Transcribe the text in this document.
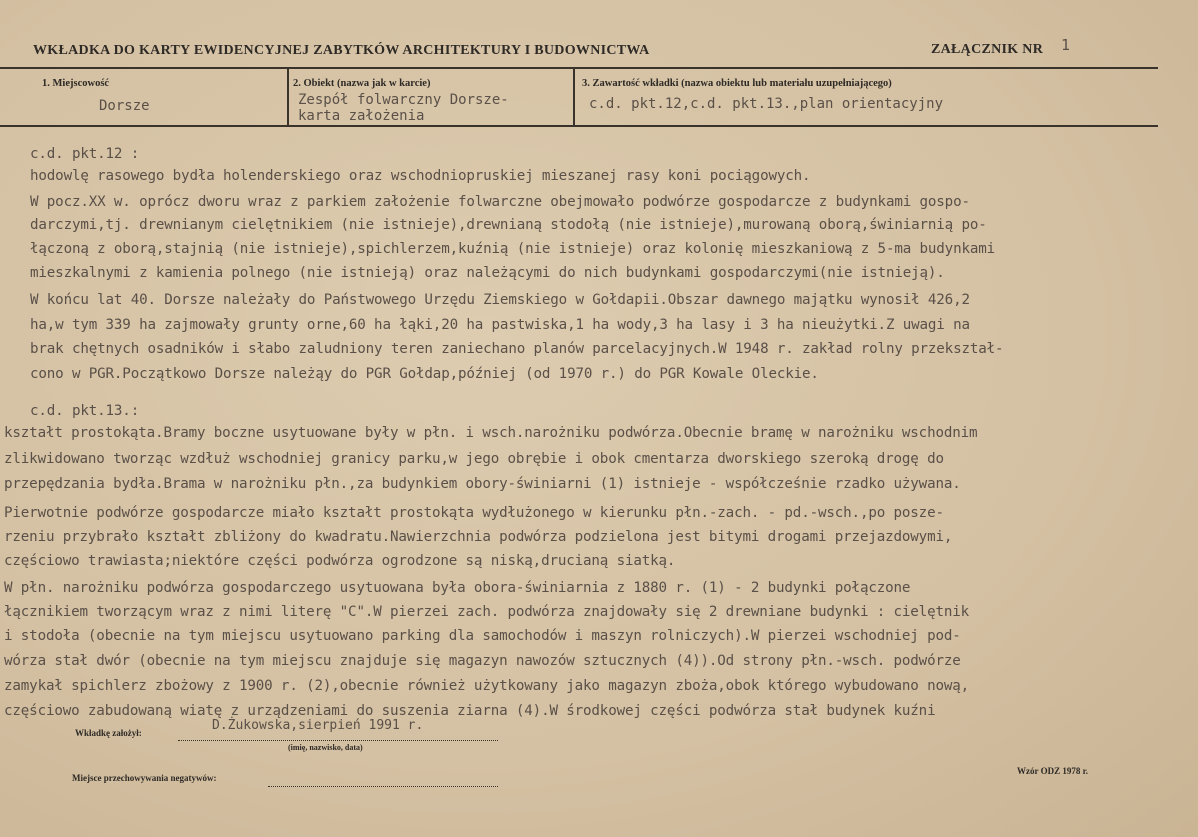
WKŁADKA DO KARTY EWIDENCYJNEJ ZABYTKÓW ARCHITEKTURY I BUDOWNICTWA	ZAŁĄCZNIK NR 1
1. Miejscowość
Dorsze
2. Obiekt (nazwa jak w karcie)
Zespół folwarczny Dorsze-
karta założenia
3. Zawartość wkładki (nazwa obiektu lub materiału uzupełniającego)
c.d. pkt.12,c.d. pkt.13.,plan orientacyjny
c.d. pkt.12 :
hodowlę rasowego bydła holenderskiego oraz wschodniopruskiej mieszanej rasy koni pociągowych.
W pocz.XX w. oprócz dworu wraz z parkiem założenie folwarczne obejmowało podwórze gospodarcze z budynkami gospo-
darczymi,tj. drewnianym cielętnikiem (nie istnieje),drewnianą stodołą (nie istnieje),murowaną oborą,świniarnią po-
łączoną z oborą,stajnią (nie istnieje),spichlerzem,kuźnią (nie istnieje) oraz kolonię mieszkaniową z 5-ma budynkami
mieszkalnymi z kamienia polnego (nie istnieją) oraz należącymi do nich budynkami gospodarczymi(nie istnieją).
W końcu lat 40. Dorsze należały do Państwowego Urzędu Ziemskiego w Gołdapii.Obszar dawnego majątku wynosił 426,2
ha,w tym 339 ha zajmowały grunty orne,60 ha łąki,20 ha pastwiska,1 ha wody,3 ha lasy i 3 ha nieużytki.Z uwagi na
brak chętnych osadników i słabo zaludniony teren zaniechano planów parcelacyjnych.W 1948 r. zakład rolny przekształ-
cono w PGR.Początkowo Dorsze należąy do PGR Gołdap,później (od 1970 r.) do PGR Kowale Oleckie.
c.d. pkt.13.:
kształt prostokąta.Bramy boczne usytuowane były w płn. i wsch.narożniku podwórza.Obecnie bramę w narożniku wschodnim
zlikwidowano tworząc wzdłuż wschodniej granicy parku,w jego obrębie i obok cmentarza dworskiego szeroką drogę do
przepędzania bydła.Brama w narożniku płn.,za budynkiem obory-świniarni (1) istnieje - współcześnie rzadko używana.
Pierwotnie podwórze gospodarcze miało kształt prostokąta wydłużonego w kierunku płn.-zach. - pd.-wsch.,po posze-
rzeniu przybrało kształt zbliżony do kwadratu.Nawierzchnia podwórza podzielona jest bitymi drogami przejazdowymi,
częściowo trawiasta;niektóre części podwórza ogrodzone są niską,drucianą siatką.
W płn. narożniku podwórza gospodarczego usytuowana była obora-świniarnia z 1880 r. (1) - 2 budynki połączone
łącznikiem tworzącym wraz z nimi literę "C".W pierzei zach. podwórza znajdowały się 2 drewniane budynki : cielętnik
i stodoła (obecnie na tym miejscu usytuowano parking dla samochodów i maszyn rolniczych).W pierzei wschodniej pod-
wórza stał dwór (obecnie na tym miejscu znajduje się magazyn nawozów sztucznych (4)).Od strony płn.-wsch. podwórze
zamykał spichlerz zbożowy z 1900 r. (2),obecnie również użytkowany jako magazyn zboża,obok którego wybudowano nową,
częściowo zabudowaną wiatę z urządzeniami do suszenia ziarna (4).W środkowej części podwórza stał budynek kuźni
Wkładkę założył:	D.Żukowska,sierpień 1991 r.
(imię, nazwisko, data)
Miejsce przechowywania negatywów:
Wzór ODZ 1978 r.
